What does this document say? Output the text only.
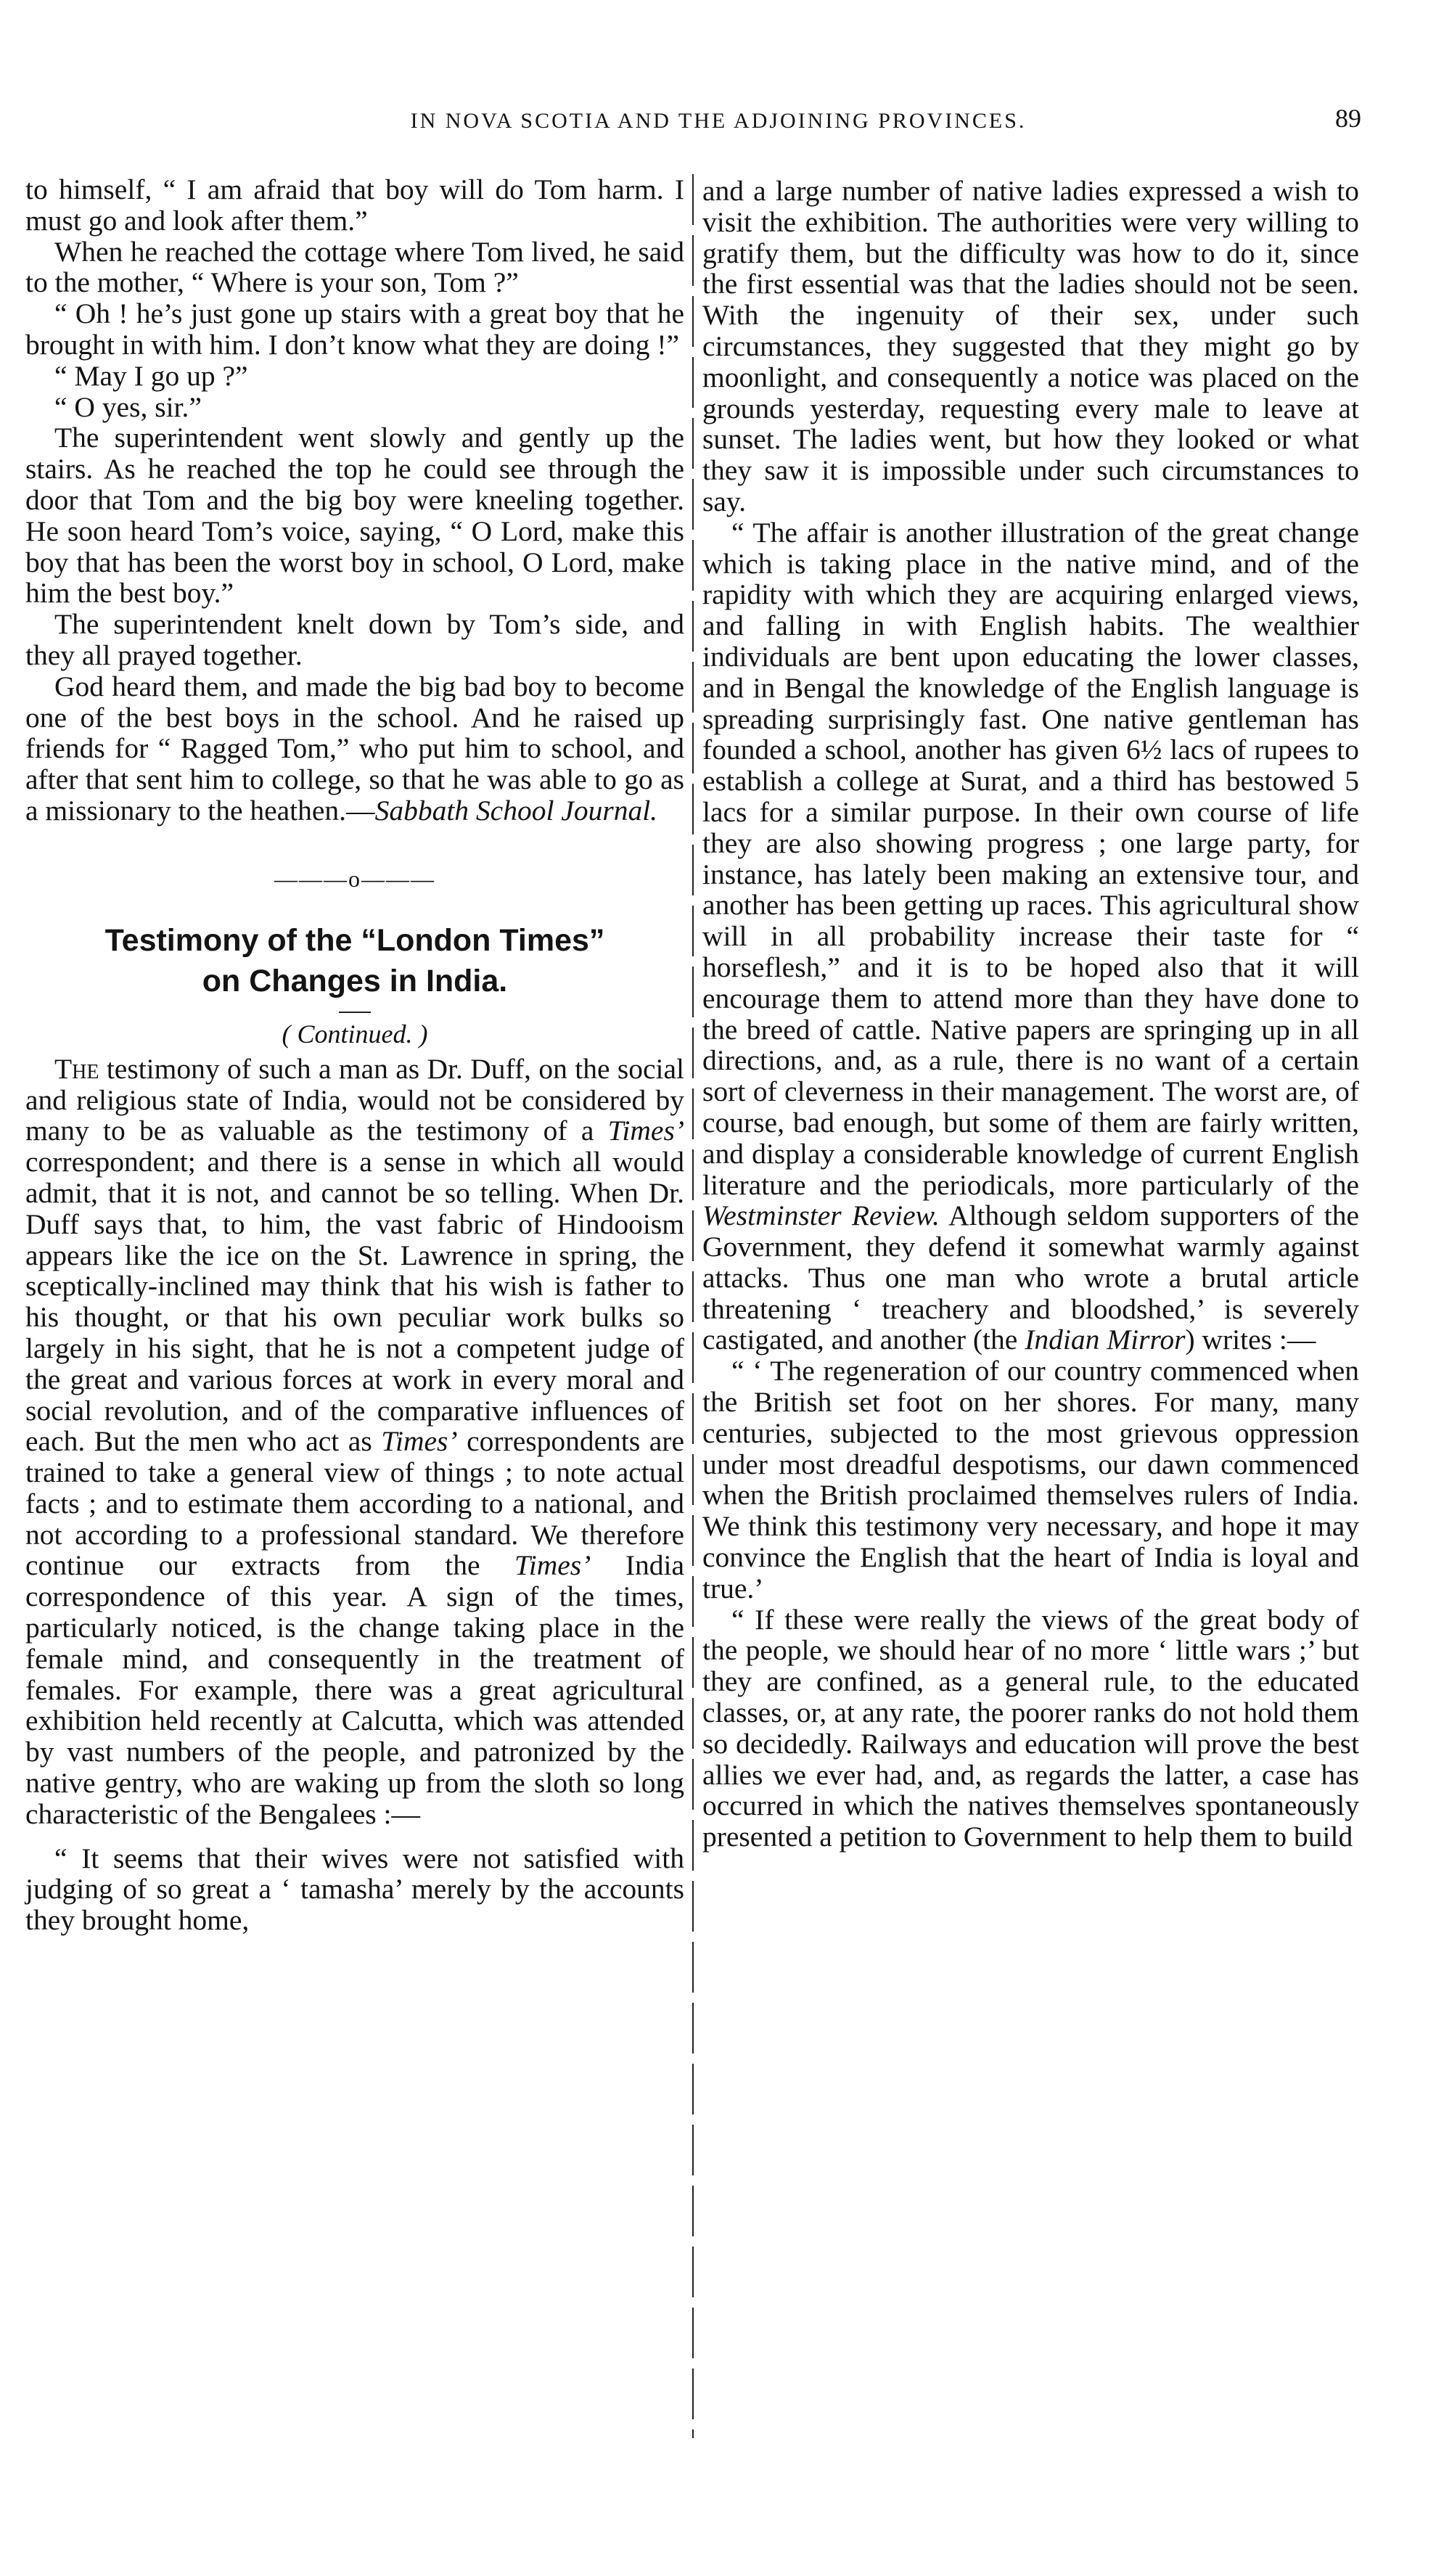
IN NOVA SCOTIA AND THE ADJOINING PROVINCES.	89

to himself, “ I am afraid that boy will do Tom harm. I must go and look after them.”

When he reached the cottage where Tom lived, he said to the mother, “ Where is your son, Tom ?”

“ Oh ! he’s just gone up stairs with a great boy that he brought in with him. I don’t know what they are doing !”

“ May I go up ?”

“ O yes, sir.”

The superintendent went slowly and gently up the stairs. As he reached the top he could see through the door that Tom and the big boy were kneeling together. He soon heard Tom’s voice, saying, “ O Lord, make this boy that has been the worst boy in school, O Lord, make him the best boy.”

The superintendent knelt down by Tom’s side, and they all prayed together.

God heard them, and made the big bad boy to become one of the best boys in the school. And he raised up friends for “ Ragged Tom,” who put him to school, and after that sent him to college, so that he was able to go as a missionary to the heathen.—Sabbath School Journal.

———o———
Testimony of the “London Times”
on Changes in India.
( Continued. )

The testimony of such a man as Dr. Duff, on the social and religious state of India, would not be considered by many to be as valuable as the testimony of a Times’ correspondent; and there is a sense in which all would admit, that it is not, and cannot be so telling. When Dr. Duff says that, to him, the vast fabric of Hindooism appears like the ice on the St. Lawrence in spring, the sceptically-inclined may think that his wish is father to his thought, or that his own peculiar work bulks so largely in his sight, that he is not a competent judge of the great and various forces at work in every moral and social revolution, and of the comparative influences of each. But the men who act as Times’ correspondents are trained to take a general view of things ; to note actual facts ; and to estimate them according to a national, and not according to a professional standard. We therefore continue our extracts from the Times’ India correspondence of this year. A sign of the times, particularly noticed, is the change taking place in the female mind, and consequently in the treatment of females. For example, there was a great agricultural exhibition held recently at Calcutta, which was attended by vast numbers of the people, and patronized by the native gentry, who are waking up from the sloth so long characteristic of the Bengalees :—

“ It seems that their wives were not satisfied with judging of so great a ‘ tamasha’ merely by the accounts they brought home,

and a large number of native ladies expressed a wish to visit the exhibition. The authorities were very willing to gratify them, but the difficulty was how to do it, since the first essential was that the ladies should not be seen. With the ingenuity of their sex, under such circumstances, they suggested that they might go by moonlight, and consequently a notice was placed on the grounds yesterday, requesting every male to leave at sunset. The ladies went, but how they looked or what they saw it is impossible under such circumstances to say.

“ The affair is another illustration of the great change which is taking place in the native mind, and of the rapidity with which they are acquiring enlarged views, and falling in with English habits. The wealthier individuals are bent upon educating the lower classes, and in Bengal the knowledge of the English language is spreading surprisingly fast. One native gentleman has founded a school, another has given 6½ lacs of rupees to establish a college at Surat, and a third has bestowed 5 lacs for a similar purpose. In their own course of life they are also showing progress ; one large party, for instance, has lately been making an extensive tour, and another has been getting up races. This agricultural show will in all probability increase their taste for “ horseflesh,” and it is to be hoped also that it will encourage them to attend more than they have done to the breed of cattle. Native papers are springing up in all directions, and, as a rule, there is no want of a certain sort of cleverness in their management. The worst are, of course, bad enough, but some of them are fairly written, and display a considerable knowledge of current English literature and the periodicals, more particularly of the Westminster Review. Although seldom supporters of the Government, they defend it somewhat warmly against attacks. Thus one man who wrote a brutal article threatening ‘ treachery and bloodshed,’ is severely castigated, and another (the Indian Mirror) writes :—

“ ‘ The regeneration of our country commenced when the British set foot on her shores. For many, many centuries, subjected to the most grievous oppression under most dreadful despotisms, our dawn commenced when the British proclaimed themselves rulers of India. We think this testimony very necessary, and hope it may convince the English that the heart of India is loyal and true.’

“ If these were really the views of the great body of the people, we should hear of no more ‘ little wars ;’ but they are confined, as a general rule, to the educated classes, or, at any rate, the poorer ranks do not hold them so decidedly. Railways and education will prove the best allies we ever had, and, as regards the latter, a case has occurred in which the natives themselves spontaneously presented a petition to Government to help them to build
